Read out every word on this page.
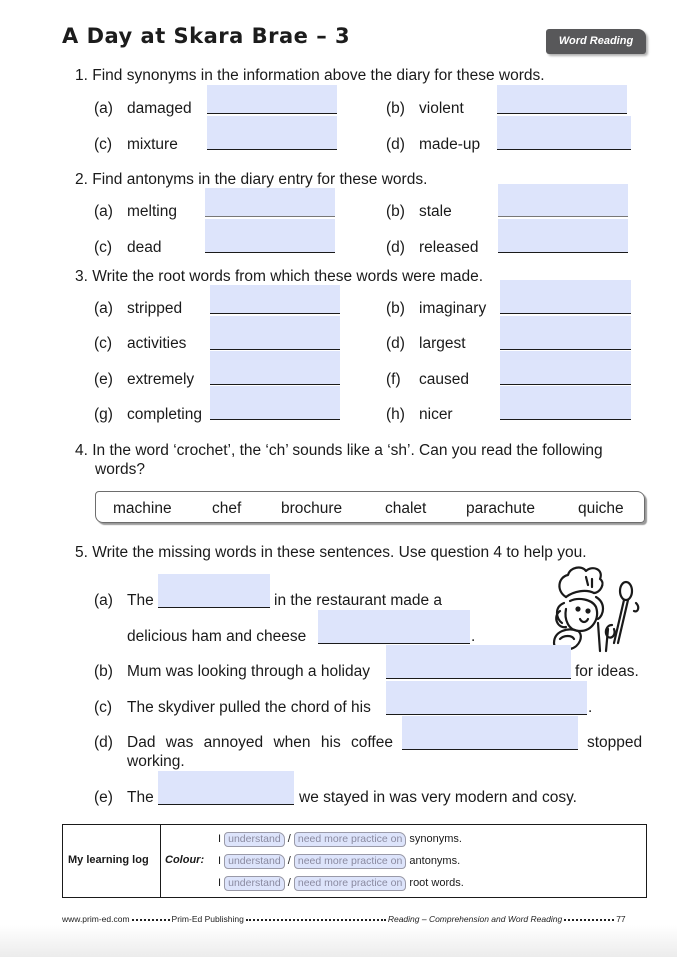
A Day at Skara Brae – 3	Word Reading
1. Find synonyms in the information above the diary for these words.
(a) damaged	(b) violent
(c) mixture	(d) made-up
2. Find antonyms in the diary entry for these words.
(a) melting	(b) stale
(c) dead	(d) released
3. Write the root words from which these words were made.
(a) stripped	(b) imaginary
(c) activities	(d) largest
(e) extremely	(f) caused
(g) completing	(h) nicer
4. In the word ‘crochet’, the ‘ch’ sounds like a ‘sh’. Can you read the following
words?
machine	chef	brochure	chalet	parachute	quiche
5. Write the missing words in these sentences. Use question 4 to help you.
(a) The	in the restaurant made a
delicious ham and cheese	.
(b) Mum was looking through a holiday	for ideas.
(c) The skydiver pulled the chord of his	.
(d) Dad was annoyed when his coffee	stopped
working.
(e) The	we stayed in was very modern and cosy.
My learning log Colour:
I understand / need more practice on synonyms.
I understand / need more practice on antonyms.
I understand / need more practice on root words.
www.prim-ed.com	Prim-Ed Publishing	Reading – Comprehension and Word Reading	77
